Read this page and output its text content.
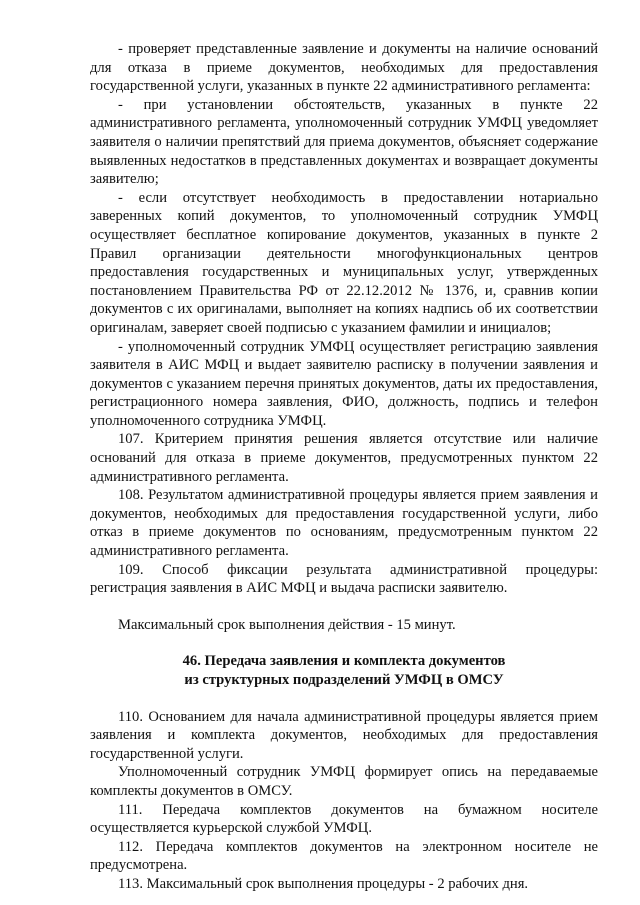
- проверяет представленные заявление и документы на наличие оснований для отказа в приеме документов, необходимых для предоставления государственной услуги, указанных в пункте 22 административного регламента:

- при установлении обстоятельств, указанных в пункте 22 административного регламента, уполномоченный сотрудник УМФЦ уведомляет заявителя о наличии препятствий для приема документов, объясняет содержание выявленных недостатков в представленных документах и возвращает документы заявителю;

- если отсутствует необходимость в предоставлении нотариально заверенных копий документов, то уполномоченный сотрудник УМФЦ осуществляет бесплатное копирование документов, указанных в пункте 2 Правил организации деятельности многофункциональных центров предоставления государственных и муниципальных услуг, утвержденных постановлением Правительства РФ от 22.12.2012 № 1376, и, сравнив копии документов с их оригиналами, выполняет на копиях надпись об их соответствии оригиналам, заверяет своей подписью с указанием фамилии и инициалов;

- уполномоченный сотрудник УМФЦ осуществляет регистрацию заявления заявителя в АИС МФЦ и выдает заявителю расписку в получении заявления и документов с указанием перечня принятых документов, даты их предоставления, регистрационного номера заявления, ФИО, должность, подпись и телефон уполномоченного сотрудника УМФЦ.

107. Критерием принятия решения является отсутствие или наличие оснований для отказа в приеме документов, предусмотренных пунктом 22 административного регламента.

108. Результатом административной процедуры является прием заявления и документов, необходимых для предоставления государственной услуги, либо отказ в приеме документов по основаниям, предусмотренным пунктом 22 административного регламента.

109. Способ фиксации результата административной процедуры: регистрация заявления в АИС МФЦ и выдача расписки заявителю.

Максимальный срок выполнения действия - 15 минут.

46. Передача заявления и комплекта документов
из структурных подразделений УМФЦ в ОМСУ

110. Основанием для начала административной процедуры является прием заявления и комплекта документов, необходимых для предоставления государственной услуги.

Уполномоченный сотрудник УМФЦ формирует опись на передаваемые комплекты документов в ОМСУ.

111. Передача комплектов документов на бумажном носителе осуществляется курьерской службой УМФЦ.

112. Передача комплектов документов на электронном носителе не предусмотрена.

113. Максимальный срок выполнения процедуры - 2 рабочих дня.
